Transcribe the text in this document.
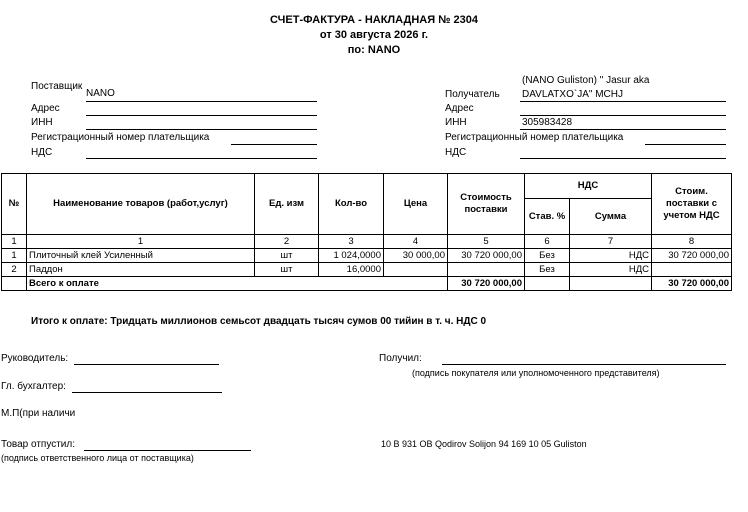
СЧЕТ-ФАКТУРА - НАКЛАДНАЯ № 2304
от 30 августа 2026 г.
по: NANO
Поставщик
NANO
Адрес
ИНН
Регистрационный номер плательщика
НДС
(NANO Guliston) " Jasur aka
Получатель DAVLATXO`JA" MCHJ
Адрес
ИНН	305983428
Регистрационный номер плательщика
НДС
№	Наименование товаров (работ,услуг)	Ед. изм	Кол-во	Цена	Стоимость поставки	НДС		Стоим. поставки с учетом НДС
						Став. %	Сумма	
1	1	2	3	4	5	6	7	8
1	Плиточный клей Усиленный	шт	1 024,0000	30 000,00	30 720 000,00	Без	НДС	30 720 000,00
2	Паддон	шт	16,0000			Без	НДС	
	Всего к оплате				30 720 000,00			30 720 000,00
Итого к оплате: Тридцать миллионов семьсот двадцать тысяч сумов 00 тийин в т. ч. НДС 0
Руководитель:	Получил:
(подпись покупателя или уполномоченного представителя)
Гл. бухгалтер:
М.П(при наличи
Товар отпустил:
(подпись ответственного лица от поставщика)
10 B 931 OB Qodirov Solijon 94 169 10 05 Guliston
